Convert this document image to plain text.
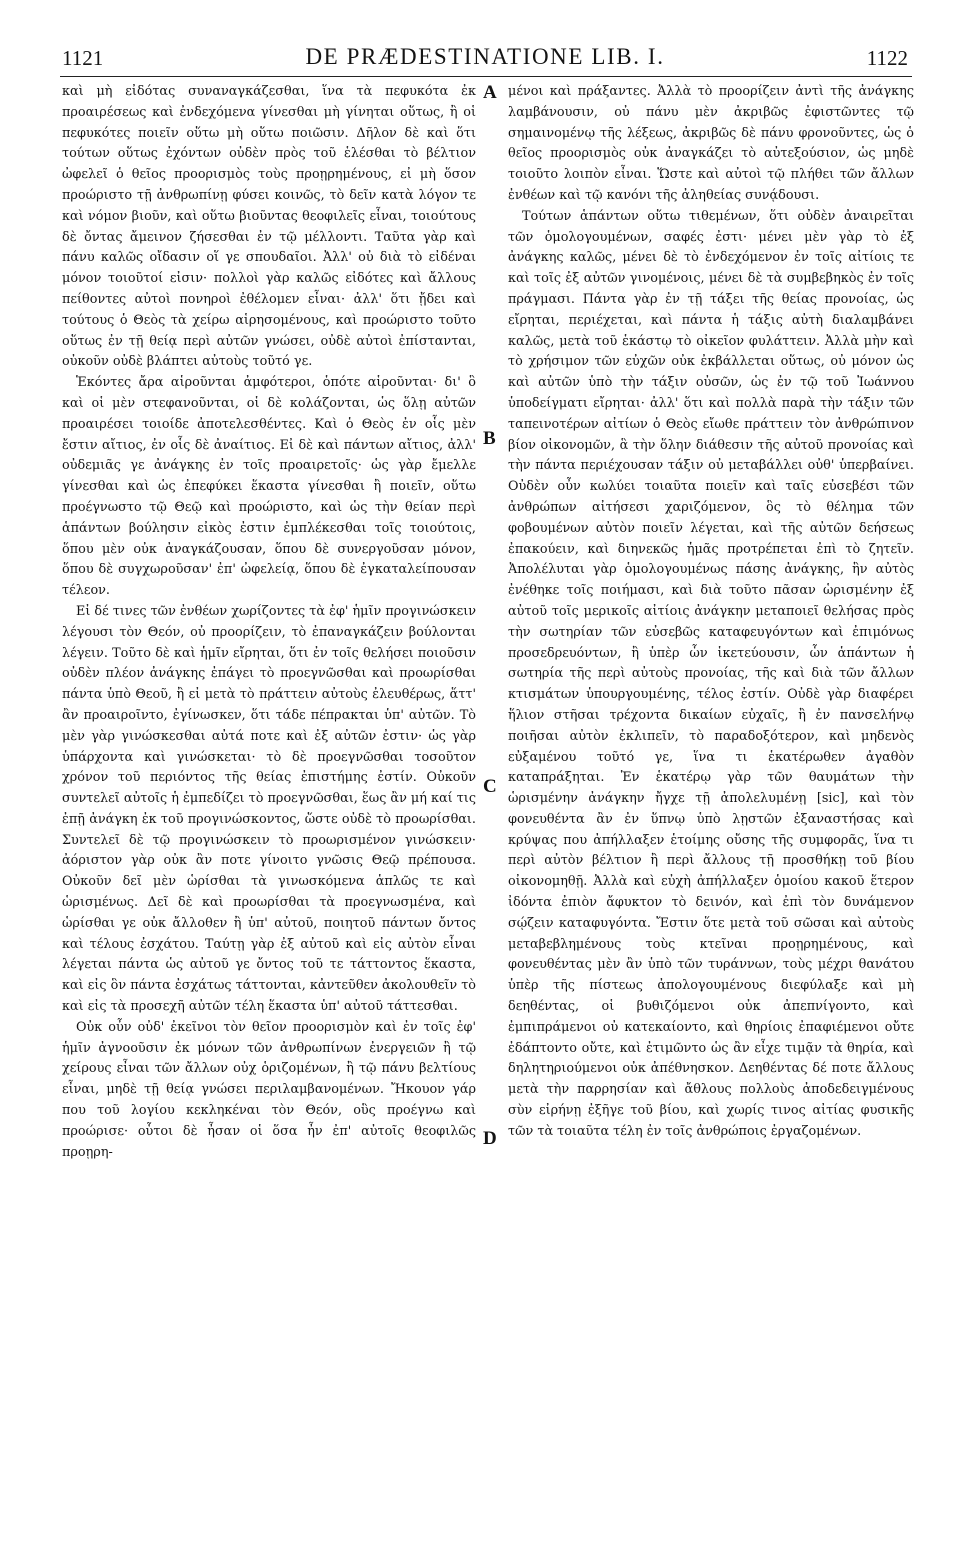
1121	DE PRÆDESTINATIONE LIB. I.	1122

καὶ μὴ εἰδότας συναναγκάζεσθαι, ἵνα τὰ πεφυκότα ἐκ προαιρέσεως καὶ ἐνδεχόμενα γίνεσθαι μὴ γίνηται οὕτως, ἢ οἱ πεφυκότες ποιεῖν οὕτω μὴ οὕτω ποιῶσιν. Δῆλον δὲ καὶ ὅτι τούτων οὕτως ἐχόντων οὐδὲν πρὸς τοῦ ἑλέσθαι τὸ βέλτιον ὠφελεῖ ὁ θεῖος προορισμὸς τοὺς προῃρημένους, εἰ μὴ ὅσον προώριστο τῇ ἀνθρωπίνῃ φύσει κοινῶς, τὸ δεῖν κατὰ λόγον τε καὶ νόμον βιοῦν, καὶ οὕτω βιοῦντας θεοφιλεῖς εἶναι, τοιούτους δὲ ὄντας ἄμεινον ζήσεσθαι ἐν τῷ μέλλοντι. Ταῦτα γὰρ καὶ πάνυ καλῶς οἴδασιν οἵ γε σπουδαῖοι. Ἀλλ' οὐ διὰ τὸ εἰδέναι μόνον τοιοῦτοί εἰσιν· πολλοὶ γὰρ καλῶς εἰδότες καὶ ἄλλους πείθοντες αὐτοὶ πονηροὶ ἐθέλομεν εἶναι· ἀλλ' ὅτι ᾔδει καὶ τούτους ὁ Θεὸς τὰ χείρω αἱρησομένους, καὶ προώριστο τοῦτο οὕτως ἐν τῇ θείᾳ περὶ αὐτῶν γνώσει, οὐδὲ αὐτοὶ ἐπίστανται, οὐκοῦν οὐδὲ βλάπτει αὐτοὺς τοῦτό γε.

Ἑκόντες ἄρα αἱροῦνται ἀμφότεροι, ὁπότε αἱροῦνται· δι' ὃ καὶ οἱ μὲν στεφανοῦνται, οἱ δὲ κολάζονται, ὡς ὅλῃ αὐτῶν προαιρέσει τοιοίδε ἀποτελεσθέντες. Καὶ ὁ Θεὸς ἐν οἷς μὲν ἔστιν αἴτιος, ἐν οἷς δὲ ἀναίτιος. Εἰ δὲ καὶ πάντων αἴτιος, ἀλλ' οὐδεμιᾶς γε ἀνάγκης ἐν τοῖς προαιρετοῖς· ὡς γὰρ ἔμελλε γίνεσθαι καὶ ὡς ἐπεφύκει ἕκαστα γίνεσθαι ἢ ποιεῖν, οὕτω προέγνωστο τῷ Θεῷ καὶ προώριστο, καὶ ὡς τὴν θείαν περὶ ἁπάντων βούλησιν εἰκὸς ἐστιν ἐμπλέκεσθαι τοῖς τοιούτοις, ὅπου μὲν οὐκ ἀναγκάζουσαν, ὅπου δὲ συνεργοῦσαν μόνον, ὅπου δὲ συγχωροῦσαν' ἐπ' ὠφελείᾳ, ὅπου δὲ ἐγκαταλείπουσαν τέλεον.

Εἰ δέ τινες τῶν ἐνθέων χωρίζοντες τὰ ἐφ' ἡμῖν προγινώσκειν λέγουσι τὸν Θεόν, οὐ προορίζειν, τὸ ἐπαναγκάζειν βούλονται λέγειν. Τοῦτο δὲ καὶ ἡμῖν εἴρηται, ὅτι ἐν τοῖς θελήσει ποιοῦσιν οὐδὲν πλέον ἀνάγκης ἐπάγει τὸ προεγνῶσθαι καὶ προωρίσθαι πάντα ὑπὸ Θεοῦ, ἢ εἰ μετὰ τὸ πράττειν αὐτοὺς ἐλευθέρως, ἅττ' ἂν προαιροῖντο, ἐγίνωσκεν, ὅτι τάδε πέπρακται ὑπ' αὐτῶν. Τὸ μὲν γὰρ γινώσκεσθαι αὐτά ποτε καὶ ἐξ αὐτῶν ἐστιν· ὡς γὰρ ὑπάρχοντα καὶ γινώσκεται· τὸ δὲ προεγνῶσθαι τοσοῦτον χρόνον τοῦ περιόντος τῆς θείας ἐπιστήμης ἐστίν. Οὐκοῦν συντελεῖ αὐτοῖς ἡ ἐμπεδίζει τὸ προεγνῶσθαι, ἕως ἂν μή καί τις ἐπῇ ἀνάγκη ἐκ τοῦ προγινώσκοντος, ὥστε οὐδὲ τὸ προωρίσθαι. Συντελεῖ δὲ τῷ προγινώσκειν τὸ προωρισμένον γινώσκειν· ἀόριστον γὰρ οὐκ ἂν ποτε γίνοιτο γνῶσις Θεῷ πρέπουσα. Οὐκοῦν δεῖ μὲν ὡρίσθαι τὰ γινωσκόμενα ἁπλῶς τε καὶ ὡρισμένως. Δεῖ δὲ καὶ προωρίσθαι τὰ προεγνωσμένα, καὶ ὡρίσθαι γε οὐκ ἄλλοθεν ἢ ὑπ' αὐτοῦ, ποιητοῦ πάντων ὄντος καὶ τέλους ἐσχάτου. Ταύτῃ γὰρ ἐξ αὐτοῦ καὶ εἰς αὐτὸν εἶναι λέγεται πάντα ὡς αὐτοῦ γε ὄντος τοῦ τε τάττοντος ἕκαστα, καὶ εἰς ὃν πάντα ἐσχάτως τάττονται, κἀντεῦθεν ἀκολουθεῖν τὸ καὶ εἰς τὰ προσεχῆ αὐτῶν τέλη ἕκαστα ὑπ' αὐτοῦ τάττεσθαι.

Οὐκ οὖν οὐδ' ἐκεῖνοι τὸν θεῖον προορισμὸν καὶ ἐν τοῖς ἐφ' ἡμῖν ἀγνοοῦσιν ἐκ μόνων τῶν ἀνθρωπίνων ἐνεργειῶν ἢ τῷ χείρους εἶναι τῶν ἄλλων οὐχ ὁριζομένων, ἢ τῷ πάνυ βελτίους εἶναι, μηδὲ τῇ θείᾳ γνώσει περιλαμβανομένων. Ἤκουον γάρ που τοῦ λογίου κεκληκέναι τὸν Θεόν, οὓς προέγνω καὶ προώρισε· οὗτοι δὲ ἦσαν οἱ ὅσα ἦν ἐπ' αὐτοῖς θεοφιλῶς προῃρη-

A
B
C
D

μένοι καὶ πράξαντες. Ἀλλὰ τὸ προορίζειν ἀντὶ τῆς ἀνάγκης λαμβάνουσιν, οὐ πάνυ μὲν ἀκριβῶς ἐφιστῶντες τῷ σημαινομένῳ τῆς λέξεως, ἀκριβῶς δὲ πάνυ φρονοῦντες, ὡς ὁ θεῖος προορισμὸς οὐκ ἀναγκάζει τὸ αὐτεξούσιον, ὡς μηδὲ τοιοῦτο λοιπὸν εἶναι. Ὥστε καὶ αὐτοὶ τῷ πλήθει τῶν ἄλλων ἐνθέων καὶ τῷ κανόνι τῆς ἀληθείας συνᾴδουσι.

Τούτων ἁπάντων οὕτω τιθεμένων, ὅτι οὐδὲν ἀναιρεῖται τῶν ὁμολογουμένων, σαφές ἐστι· μένει μὲν γὰρ τὸ ἐξ ἀνάγκης καλῶς, μένει δὲ τὸ ἐνδεχόμενον ἐν τοῖς αἰτίοις τε καὶ τοῖς ἐξ αὐτῶν γινομένοις, μένει δὲ τὰ συμβεβηκὸς ἐν τοῖς πράγμασι. Πάντα γὰρ ἐν τῇ τάξει τῆς θείας προνοίας, ὡς εἴρηται, περιέχεται, καὶ πάντα ἡ τάξις αὐτὴ διαλαμβάνει καλῶς, μετὰ τοῦ ἑκάστῳ τὸ οἰκεῖον φυλάττειν. Ἀλλὰ μὴν καὶ τὸ χρήσιμον τῶν εὐχῶν οὐκ ἐκβάλλεται οὕτως, οὐ μόνον ὡς καὶ αὐτῶν ὑπὸ τὴν τάξιν οὐσῶν, ὡς ἐν τῷ τοῦ Ἰωάννου ὑποδείγματι εἴρηται· ἀλλ' ὅτι καὶ πολλὰ παρὰ τὴν τάξιν τῶν ταπεινοτέρων αἰτίων ὁ Θεὸς εἴωθε πράττειν τὸν ἀνθρώπινον βίον οἰκονομῶν, ἃ τὴν ὅλην διάθεσιν τῆς αὐτοῦ προνοίας καὶ τὴν πάντα περιέχουσαν τάξιν οὐ μεταβάλλει οὐθ' ὑπερβαίνει. Οὐδὲν οὖν κωλύει τοιαῦτα ποιεῖν καὶ ταῖς εὐσεβέσι τῶν ἀνθρώπων αἰτήσεσι χαριζόμενον, ὃς τὸ θέλημα τῶν φοβουμένων αὐτὸν ποιεῖν λέγεται, καὶ τῆς αὐτῶν δεήσεως ἐπακούειν, καὶ διηνεκῶς ἡμᾶς προτρέπεται ἐπὶ τὸ ζητεῖν. Ἀπολέλυται γὰρ ὁμολογουμένως πάσης ἀνάγκης, ἣν αὐτὸς ἐνέθηκε τοῖς ποιήμασι, καὶ διὰ τοῦτο πᾶσαν ὡρισμένην ἐξ αὐτοῦ τοῖς μερικοῖς αἰτίοις ἀνάγκην μεταποιεῖ θελήσας πρὸς τὴν σωτηρίαν τῶν εὐσεβῶς καταφευγόντων καὶ ἐπιμόνως προσεδρευόντων, ἢ ὑπὲρ ὧν ἱκετεύουσιν, ὧν ἁπάντων ἡ σωτηρία τῆς περὶ αὐτοὺς προνοίας, τῆς καὶ διὰ τῶν ἄλλων κτισμάτων ὑπουργουμένης, τέλος ἐστίν. Οὐδὲ γὰρ διαφέρει ἥλιον στῆσαι τρέχοντα δικαίων εὐχαῖς, ἢ ἐν πανσελήνῳ ποιῆσαι αὐτὸν ἐκλιπεῖν, τὸ παραδοξότερον, καὶ μηδενὸς εὐξαμένου τοῦτό γε, ἵνα τι ἑκατέρωθεν ἀγαθὸν καταπράξηται. Ἐν ἑκατέρῳ γὰρ τῶν θαυμάτων τὴν ὡρισμένην ἀνάγκην ἤγχε τῇ ἀπολελυμένῃ [sic], καὶ τὸν φονευθέντα ἂν ἐν ὕπνῳ ὑπὸ λῃστῶν ἐξαναστήσας καὶ κρύψας που ἀπήλλαξεν ἑτοίμης οὔσης τῆς συμφορᾶς, ἵνα τι περὶ αὐτὸν βέλτιον ἢ περὶ ἄλλους τῇ προσθήκῃ τοῦ βίου οἰκονομηθῇ. Ἀλλὰ καὶ εὐχὴ ἀπήλλαξεν ὁμοίου κακοῦ ἕτερον ἰδόντα ἐπιὸν ἄφυκτον τὸ δεινόν, καὶ ἐπὶ τὸν δυνάμενον σῴζειν καταφυγόντα. Ἔστιν ὅτε μετὰ τοῦ σῶσαι καὶ αὐτοὺς μεταβεβλημένους τοὺς κτεῖναι προῃρημένους, καὶ φονευθέντας μὲν ἂν ὑπὸ τῶν τυράννων, τοὺς μέχρι θανάτου ὑπὲρ τῆς πίστεως ἀπολογουμένους διεφύλαξε καὶ μὴ δεηθέντας, οἱ βυθιζόμενοι οὐκ ἀπεπνίγοντο, καὶ ἐμπιπράμενοι οὐ κατεκαίοντο, καὶ θηρίοις ἐπαφιέμενοι οὔτε ἐδάπτοντο οὔτε, καὶ ἐτιμῶντο ὡς ἂν εἶχε τιμᾷν τὰ θηρία, καὶ δηλητηριούμενοι οὐκ ἀπέθνησκον. Δεηθέντας δέ ποτε ἄλλους μετὰ τὴν παρρησίαν καὶ ἄθλους πολλοὺς ἀποδεδειγμένους σὺν εἰρήνῃ ἐξῆγε τοῦ βίου, καὶ χωρίς τινος αἰτίας φυσικῆς τῶν τὰ τοιαῦτα τέλη ἐν τοῖς ἀνθρώποις ἐργαζομένων.
